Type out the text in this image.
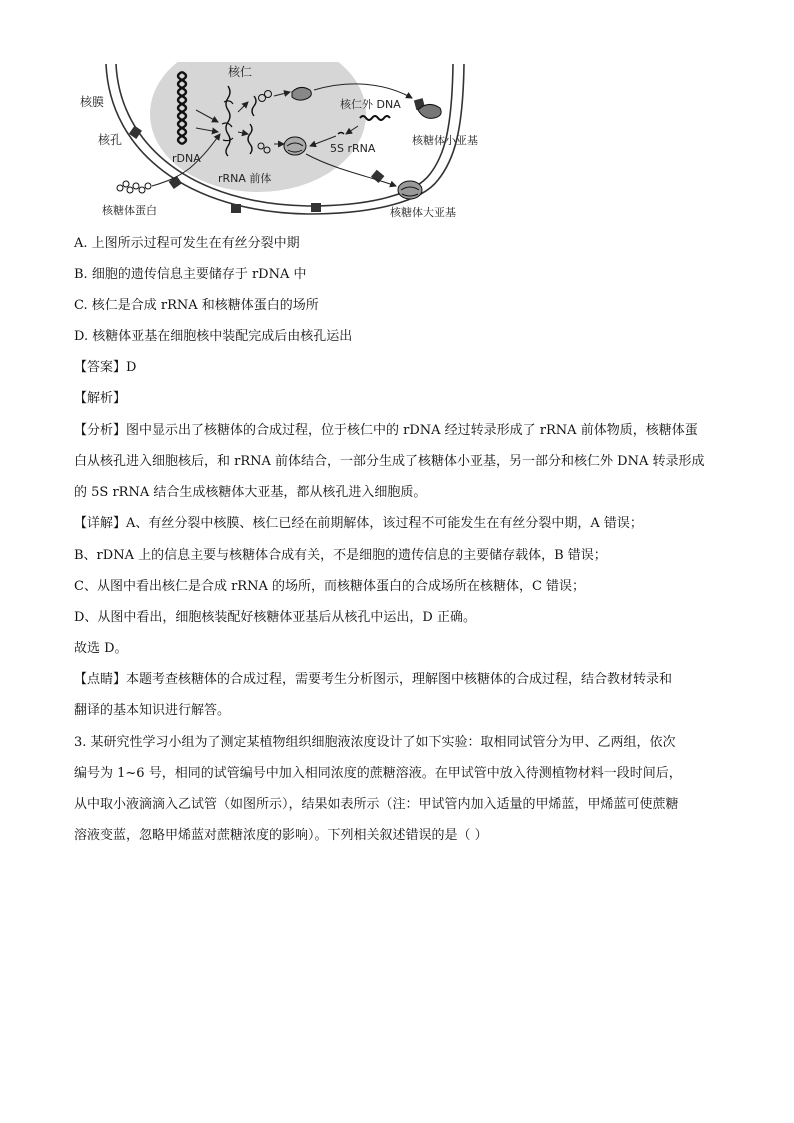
核仁
核膜
核孔
rDNA
rRNA 前体
核仁外 DNA
5S rRNA
核糖体小亚基
核糖体大亚基
核糖体蛋白
A. 上图所示过程可发生在有丝分裂中期
B. 细胞的遗传信息主要储存于 rDNA 中
C. 核仁是合成 rRNA 和核糖体蛋白的场所
D. 核糖体亚基在细胞核中装配完成后由核孔运出
【答案】D
【解析】
【分析】图中显示出了核糖体的合成过程，位于核仁中的 rDNA 经过转录形成了 rRNA 前体物质，核糖体蛋
白从核孔进入细胞核后，和 rRNA 前体结合，一部分生成了核糖体小亚基，另一部分和核仁外 DNA 转录形成
的 5S rRNA 结合生成核糖体大亚基，都从核孔进入细胞质。
【详解】A、有丝分裂中核膜、核仁已经在前期解体，该过程不可能发生在有丝分裂中期，A 错误；
B、rDNA 上的信息主要与核糖体合成有关，不是细胞的遗传信息的主要储存载体，B 错误；
C、从图中看出核仁是合成 rRNA 的场所，而核糖体蛋白的合成场所在核糖体，C 错误；
D、从图中看出，细胞核装配好核糖体亚基后从核孔中运出，D 正确。
故选 D。
【点睛】本题考查核糖体的合成过程，需要考生分析图示，理解图中核糖体的合成过程，结合教材转录和
翻译的基本知识进行解答。
3. 某研究性学习小组为了测定某植物组织细胞液浓度设计了如下实验：取相同试管分为甲、乙两组，依次
编号为 1~6 号，相同的试管编号中加入相同浓度的蔗糖溶液。在甲试管中放入待测植物材料一段时间后，
从中取小液滴滴入乙试管（如图所示），结果如表所示（注：甲试管内加入适量的甲烯蓝，甲烯蓝可使蔗糖
溶液变蓝，忽略甲烯蓝对蔗糖浓度的影响）。下列相关叙述错误的是（ ）
